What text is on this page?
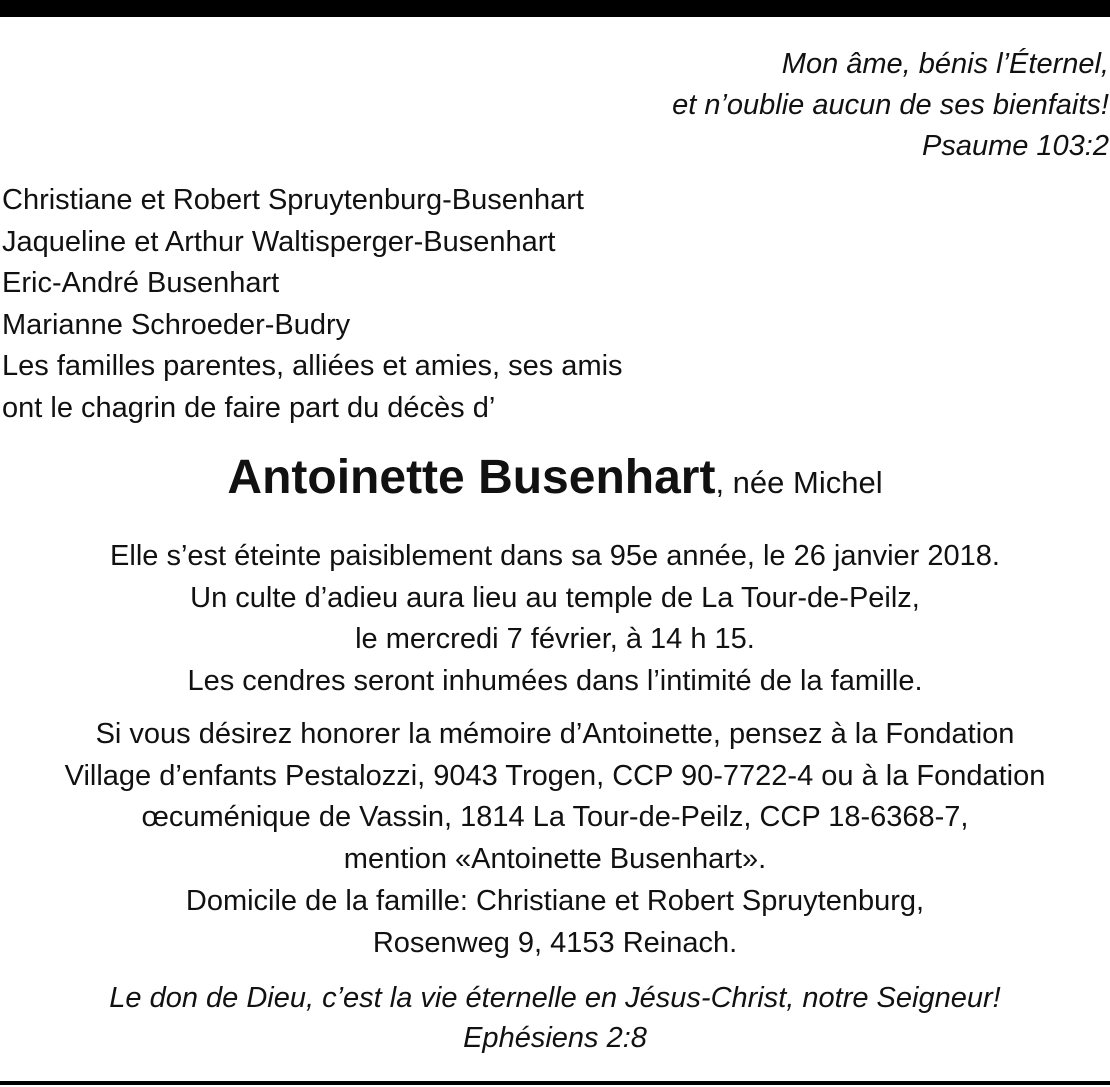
Mon âme, bénis l’Éternel,
et n’oublie aucun de ses bienfaits!
Psaume 103:2
Christiane et Robert Spruytenburg-Busenhart
Jaqueline et Arthur Waltisperger-Busenhart
Eric-André Busenhart
Marianne Schroeder-Budry
Les familles parentes, alliées et amies, ses amis
ont le chagrin de faire part du décès d’
Antoinette Busenhart, née Michel
Elle s’est éteinte paisiblement dans sa 95e année, le 26 janvier 2018.
Un culte d’adieu aura lieu au temple de La Tour-de-Peilz,
le mercredi 7 février, à 14 h 15.
Les cendres seront inhumées dans l’intimité de la famille.
Si vous désirez honorer la mémoire d’Antoinette, pensez à la Fondation
Village d’enfants Pestalozzi, 9043 Trogen, CCP 90-7722-4 ou à la Fondation
œcuménique de Vassin, 1814 La Tour-de-Peilz, CCP 18-6368-7,
mention «Antoinette Busenhart».
Domicile de la famille: Christiane et Robert Spruytenburg,
Rosenweg 9, 4153 Reinach.
Le don de Dieu, c’est la vie éternelle en Jésus-Christ, notre Seigneur!
Ephésiens 2:8
